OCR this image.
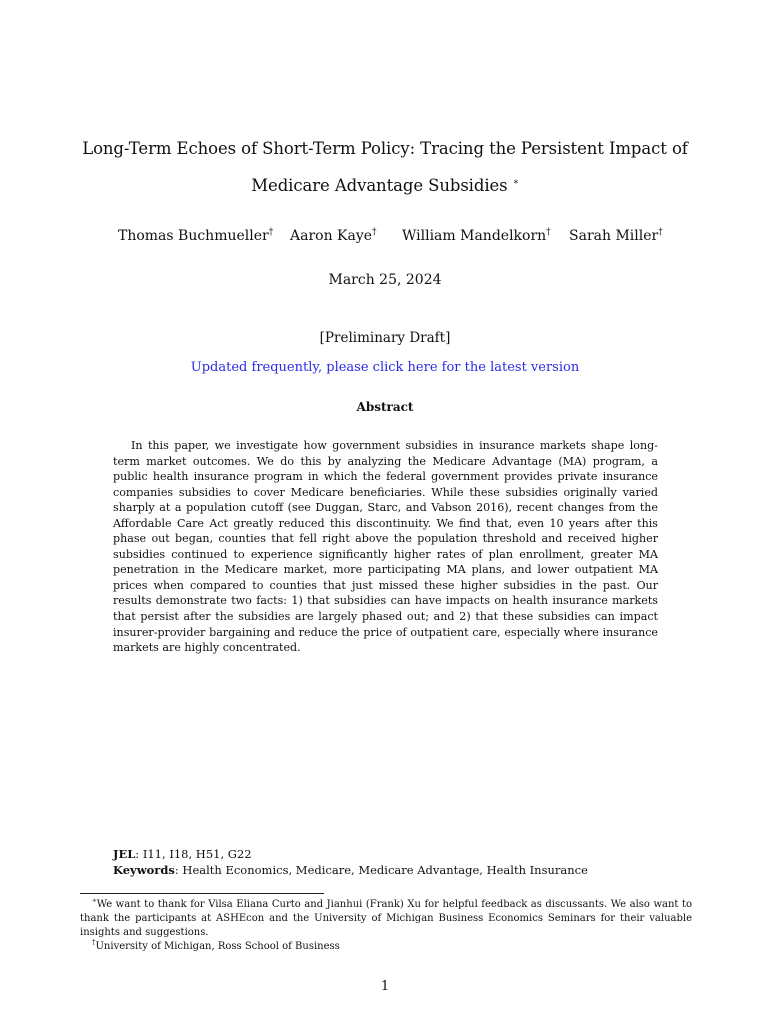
Long-Term Echoes of Short-Term Policy: Tracing the Persistent Impact of
Medicare Advantage Subsidies ∗
Thomas Buchmueller† Aaron Kaye† William Mandelkorn† Sarah Miller†
March 25, 2024
[Preliminary Draft]
Updated frequently, please click here for the latest version
Abstract

In this paper, we investigate how government subsidies in insurance markets shape long-term market outcomes. We do this by analyzing the Medicare Advantage (MA) program, a public health insurance program in which the federal government provides private insurance companies subsidies to cover Medicare beneficiaries. While these subsidies originally varied sharply at a population cutoff (see Duggan, Starc, and Vabson 2016), recent changes from the Affordable Care Act greatly reduced this discontinuity. We find that, even 10 years after this phase out began, counties that fell right above the population threshold and received higher subsidies continued to experience significantly higher rates of plan enrollment, greater MA penetration in the Medicare market, more participating MA plans, and lower outpatient MA prices when compared to counties that just missed these higher subsidies in the past. Our results demonstrate two facts: 1) that subsidies can have impacts on health insurance markets that persist after the subsidies are largely phased out; and 2) that these subsidies can impact insurer-provider bargaining and reduce the price of outpatient care, especially where insurance markets are highly concentrated.

JEL: I11, I18, H51, G22
Keywords: Health Economics, Medicare, Medicare Advantage, Health Insurance
∗We want to thank for Vilsa Eliana Curto and Jianhui (Frank) Xu for helpful feedback as discussants. We also want to thank the participants at ASHEcon and the University of Michigan Business Economics Seminars for their valuable insights and suggestions.
†University of Michigan, Ross School of Business
1
